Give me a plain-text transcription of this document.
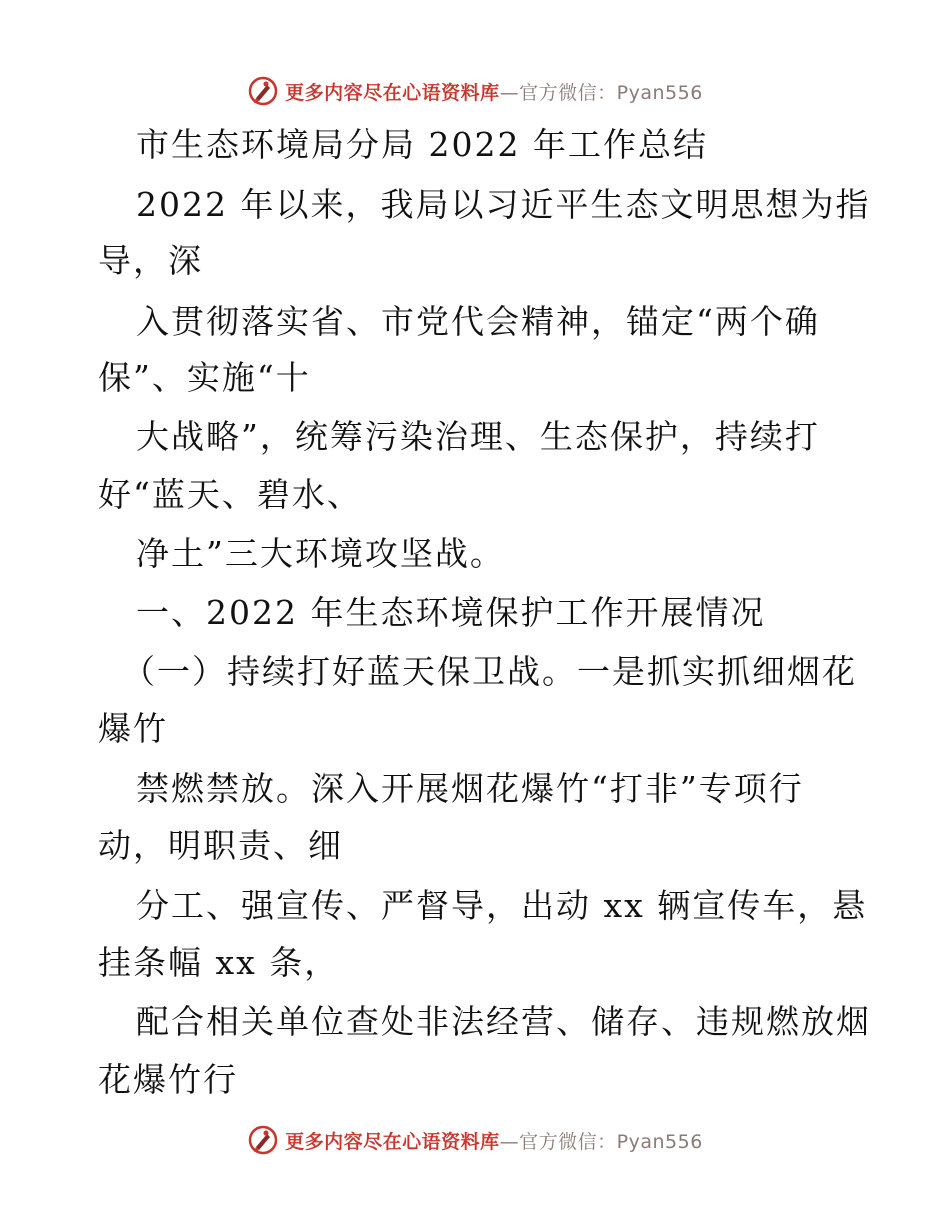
更多内容尽在心语资料库 —官方微信：Pyan556
市生态环境局分局 2022 年工作总结
2022 年以来，我局以习近平生态文明思想为指
导，深
入贯彻落实省、市党代会精神，锚定“两个确
保”、实施“十
大战略”，统筹污染治理、生态保护，持续打
好“蓝天、碧水、
净土”三大环境攻坚战。
一、2022 年生态环境保护工作开展情况
（一）持续打好蓝天保卫战。一是抓实抓细烟花
爆竹
禁燃禁放。深入开展烟花爆竹“打非”专项行
动，明职责、细
分工、强宣传、严督导，出动 xx 辆宣传车，悬
挂条幅 xx 条，
配合相关单位查处非法经营、储存、违规燃放烟
花爆竹行
更多内容尽在心语资料库 —官方微信：Pyan556
